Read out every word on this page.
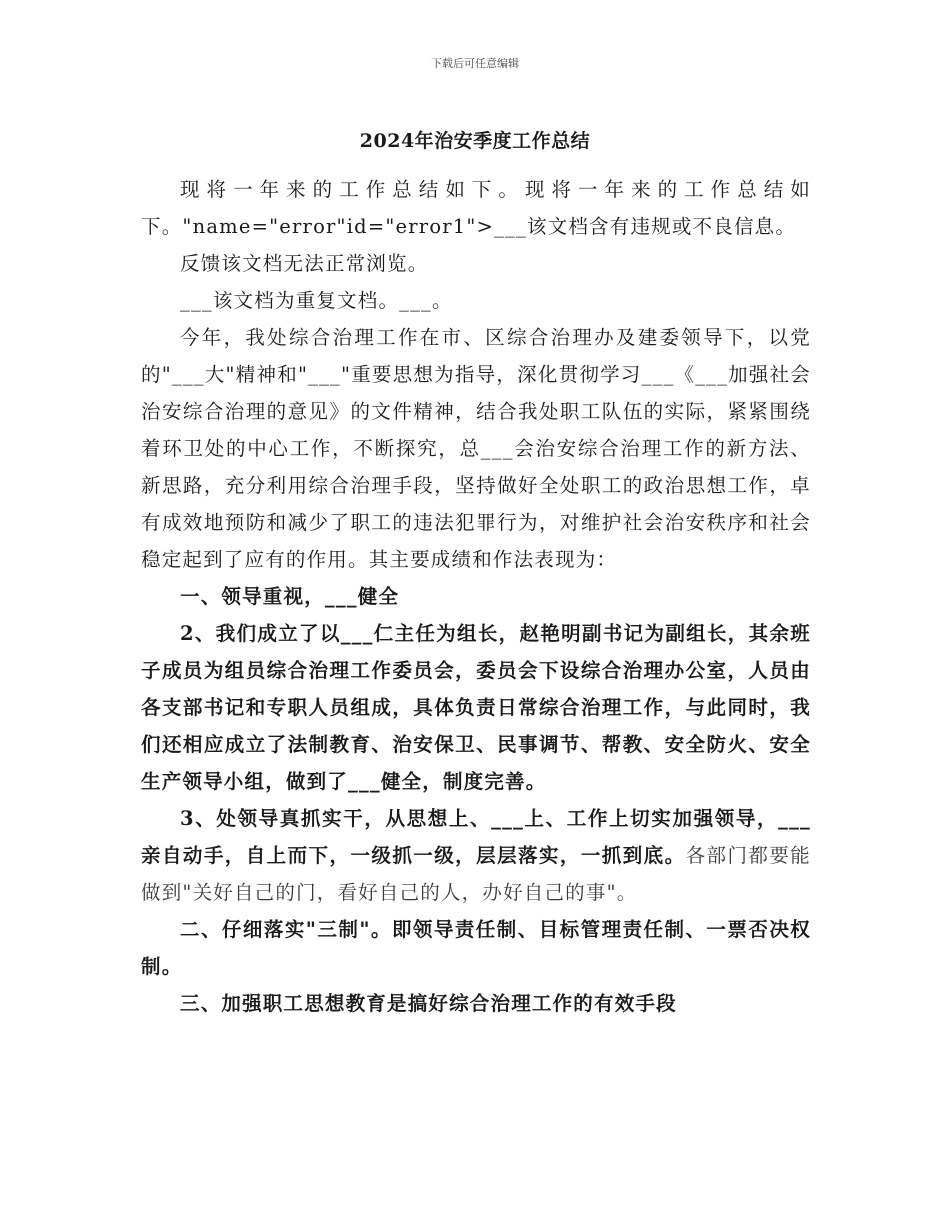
下载后可任意编辑
2024年治安季度工作总结

现将一年来的工作总结如下。现将一年来的工作总结如下。"name="error"id="error1">___该文档含有违规或不良信息。

反馈该文档无法正常浏览。

___该文档为重复文档。___。

今年，我处综合治理工作在市、区综合治理办及建委领导下，以党的"___大"精神和"___"重要思想为指导，深化贯彻学习___《___加强社会治安综合治理的意见》的文件精神，结合我处职工队伍的实际，紧紧围绕着环卫处的中心工作，不断探究，总___会治安综合治理工作的新方法、新思路，充分利用综合治理手段，坚持做好全处职工的政治思想工作，卓有成效地预防和减少了职工的违法犯罪行为，对维护社会治安秩序和社会稳定起到了应有的作用。其主要成绩和作法表现为：

一、领导重视，___健全

2、我们成立了以___仁主任为组长，赵艳明副书记为副组长，其余班子成员为组员综合治理工作委员会，委员会下设综合治理办公室，人员由各支部书记和专职人员组成，具体负责日常综合治理工作，与此同时，我们还相应成立了法制教育、治安保卫、民事调节、帮教、安全防火、安全生产领导小组，做到了___健全，制度完善。

3、处领导真抓实干，从思想上、___上、工作上切实加强领导，___亲自动手，自上而下，一级抓一级，层层落实，一抓到底。各部门都要能做到"关好自己的门，看好自己的人，办好自己的事"。

二、仔细落实"三制"。即领导责任制、目标管理责任制、一票否决权制。

三、加强职工思想教育是搞好综合治理工作的有效手段
